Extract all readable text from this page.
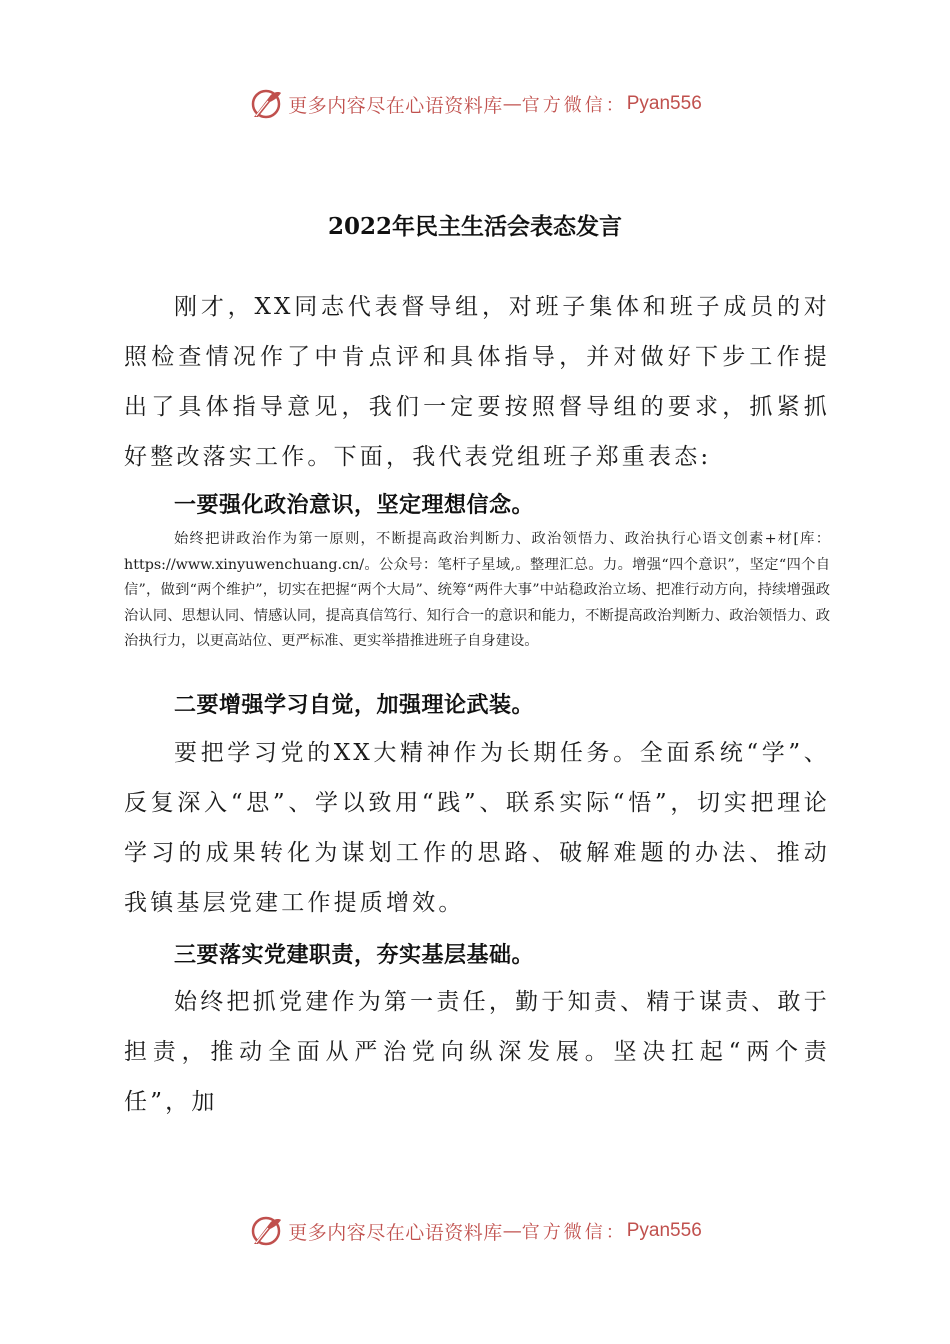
更多内容尽在心语资料库 — 官方微信： Pyan556
2022年民主生活会表态发言

刚才，XX同志代表督导组，对班子集体和班子成员的对照检查情况作了中肯点评和具体指导，并对做好下步工作提出了具体指导意见，我们一定要按照督导组的要求，抓紧抓好整改落实工作。下面，我代表党组班子郑重表态:

一要强化政治意识，坚定理想信念。

始终把讲政治作为第一原则，不断提高政治判断力、政治领悟力、政治执行心语文创素+材[库：https://www.xinyuwenchuang.cn/。公众号：笔杆子星域,。整理汇总。力。增强“四个意识”，坚定“四个自信”，做到“两个维护”，切实在把握“两个大局”、统筹“两件大事”中站稳政治立场、把准行动方向，持续增强政治认同、思想认同、情感认同，提高真信笃行、知行合一的意识和能力，不断提高政治判断力、政治领悟力、政治执行力，以更高站位、更严标准、更实举措推进班子自身建设。

二要增强学习自觉，加强理论武装。

要把学习党的XX大精神作为长期任务。全面系统“学”、反复深入“思”、学以致用“践”、联系实际“悟”，切实把理论学习的成果转化为谋划工作的思路、破解难题的办法、推动我镇基层党建工作提质增效。

三要落实党建职责，夯实基层基础。

始终把抓党建作为第一责任，勤于知责、精于谋责、敢于担责，推动全面从严治党向纵深发展。坚决扛起“两个责任”，加

更多内容尽在心语资料库 — 官方微信： Pyan556
